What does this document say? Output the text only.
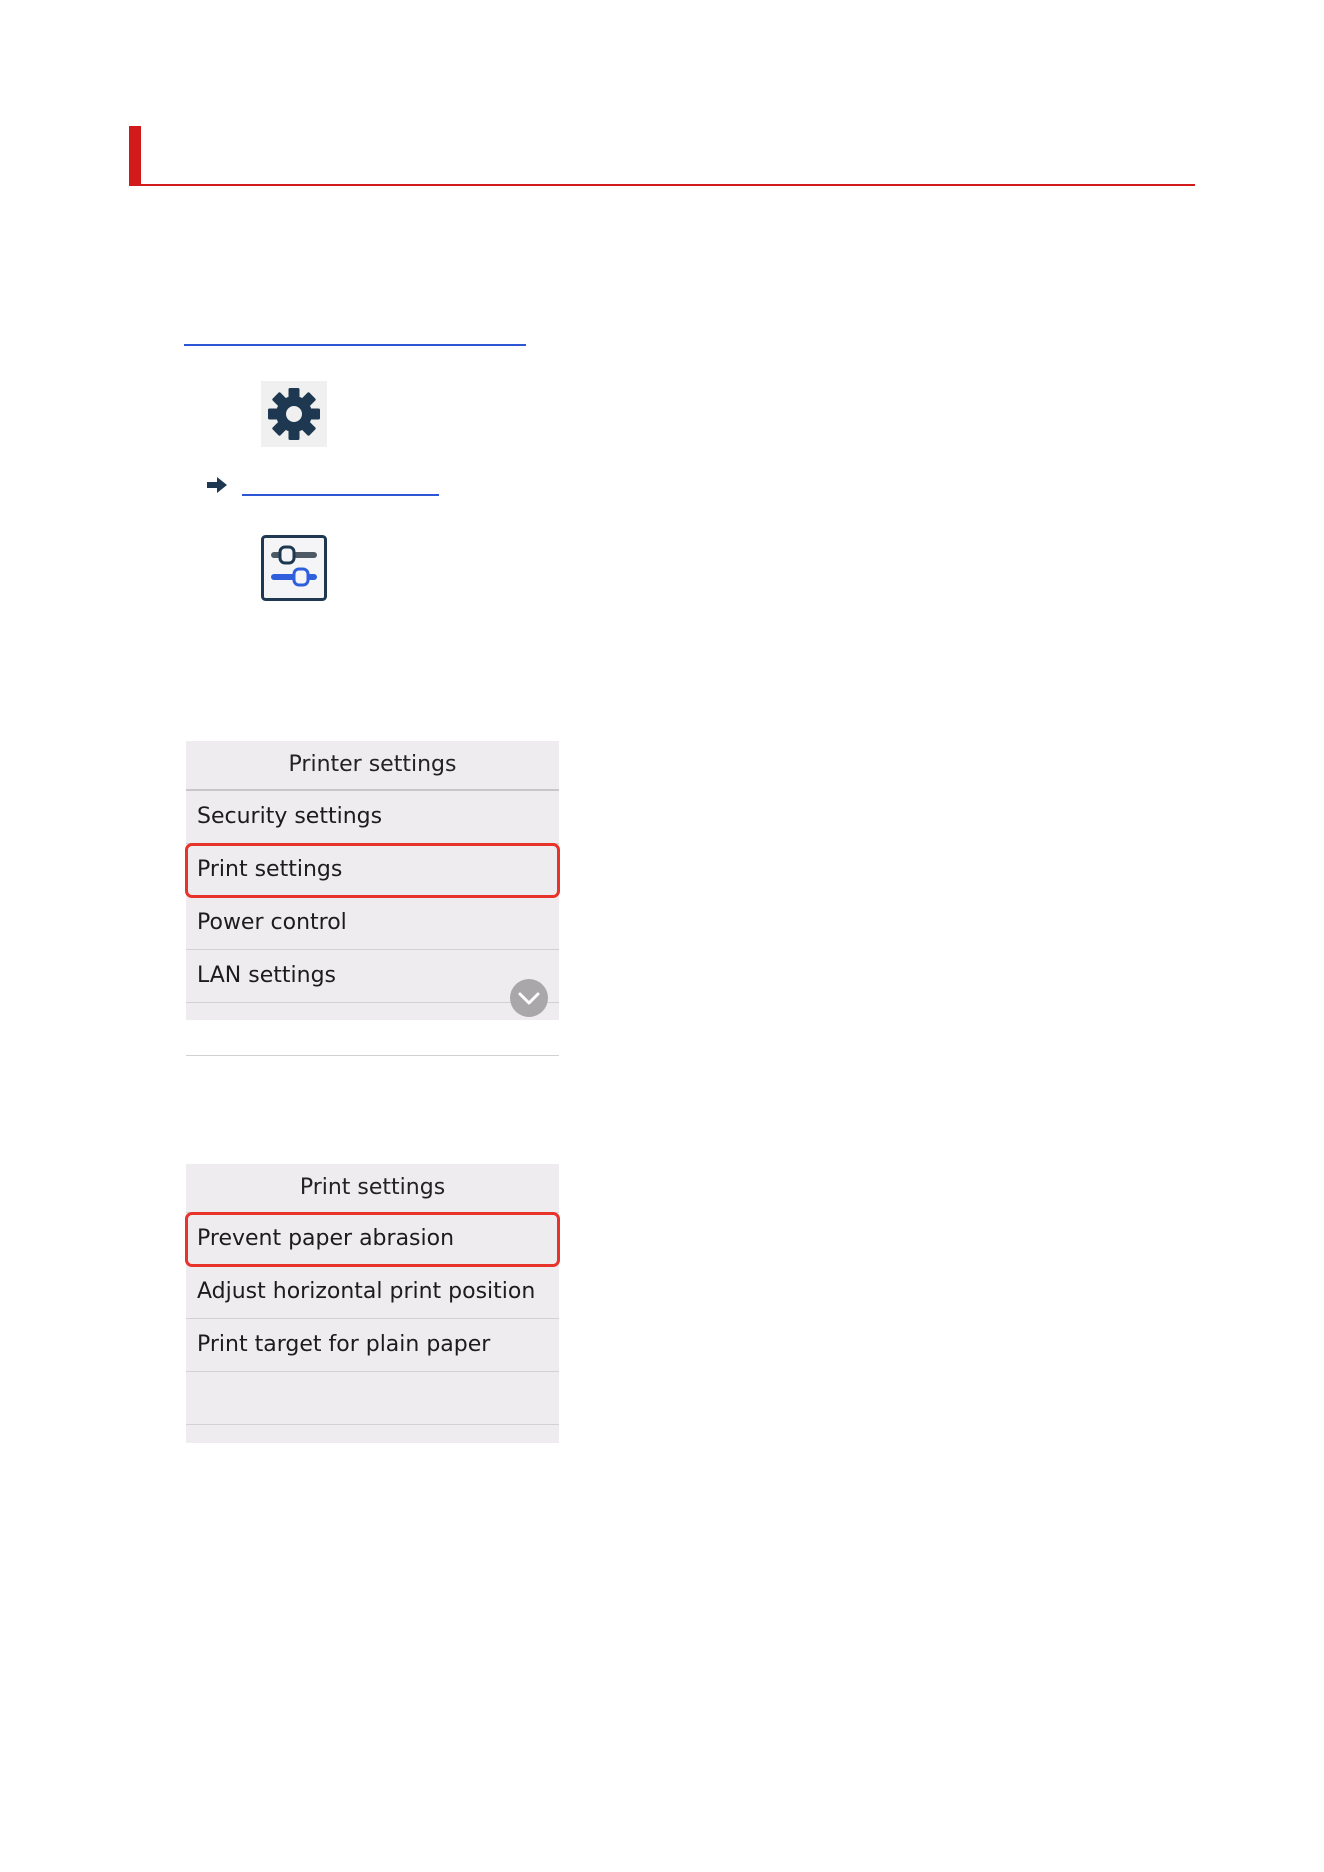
Printer settings
Security settings
Print settings
Power control
LAN settings
Print settings
Prevent paper abrasion
Adjust horizontal print position
Print target for plain paper
